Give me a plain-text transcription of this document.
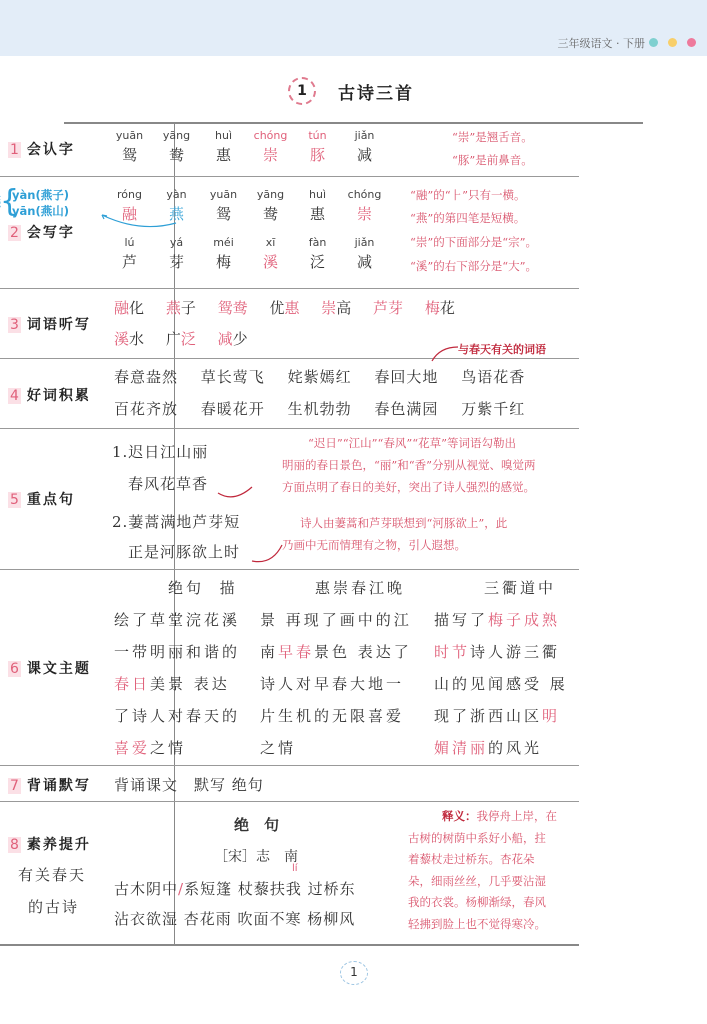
三年级语文 · 下册
1	古诗三首
1 会认字
yuān
鸳
yāng
鸯
huì
惠
chóng
崇
tún
豚
jiǎn
减
“崇”是翘舌音。
“豚”是前鼻音。
{
yàn(燕子)
yān(燕山)
2 会写字
róng
融
yàn
燕
yuān
鸳
yāng
鸯
huì
惠
chóng
崇
lú
芦
yá
芽
méi
梅
xī
溪
fàn
泛
jiǎn
减
“融”的“⺊”只有一横。
“燕”的第四笔是短横。
“崇”的下面部分是“宗”。
“溪”的右下部分是“大”。
3 词语听写
融化 燕子 鸳鸯 优惠 崇高 芦芽 梅花
溪水 广泛 减少
与春天有关的词语
4 好词积累
春意盎然 草长莺飞 姹紫嫣红 春回大地 鸟语花香
百花齐放 春暖花开 生机勃勃 春色满园 万紫千红
5 重点句
1.迟日江山丽
春风花草香
2.萋蒿满地芦芽短
正是河豚欲上时
“迟日”“江山”“春风”“花草”等词语勾勒出
明丽的春日景色，“丽”和“香”分别从视觉、嗅觉两
方面点明了春日的美好，突出了诗人强烈的感觉。
诗人由萋蒿和芦芽联想到“河豚欲上”，此
乃画中无而情理有之物，引人遐想。
6 课文主题
绝句 描
绘了草堂浣花溪
一带明丽和谐的
春日美景 表达
了诗人对春天的
喜爱之情
惠崇春江晚
景 再现了画中的江
南早春景色 表达了
诗人对早春大地一
片生机的无限喜爱
之情
三衢道中
描写了梅子成熟
时节诗人游三衢
山的见闻感受 展
现了浙西山区明
媚清丽的风光
7 背诵默写	背诵课文　默写 绝句
8 素养提升
有关春天
的古诗
绝　句
［宋］志　南
lí
古木阴中/系短篷 杖藜扶我 过桥东
沾衣欲湿 杏花雨 吹面不寒 杨柳风
释义：我停舟上岸，在
古树的树荫中系好小船，拄
着藜杖走过桥东。杏花朵
朵，细雨丝丝，几乎要沾湿
我的衣裳。杨柳渐绿，春风
轻拂到脸上也不觉得寒冷。
1
